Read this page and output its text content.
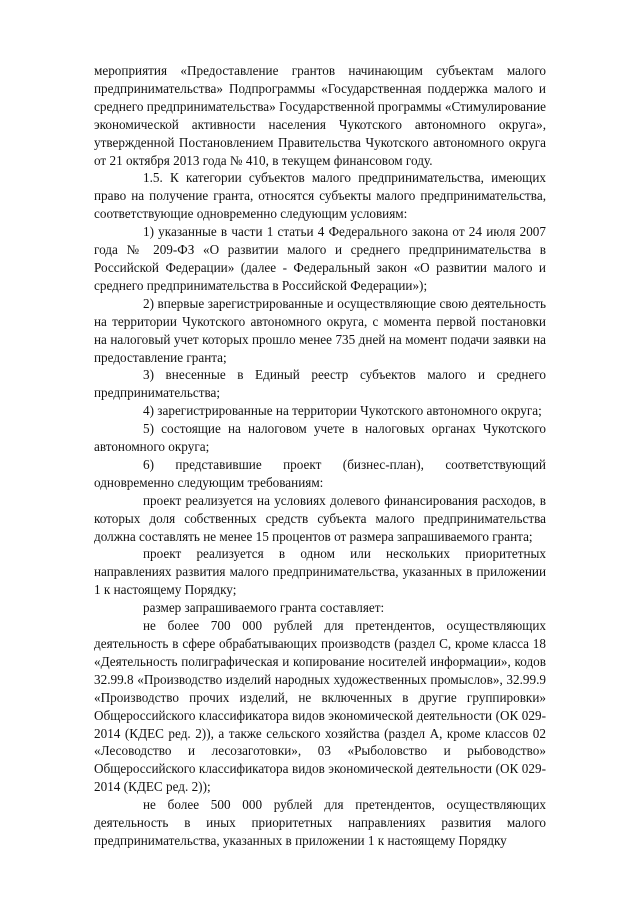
мероприятия «Предоставление грантов начинающим субъектам малого предпринимательства» Подпрограммы «Государственная поддержка малого и среднего предпринимательства» Государственной программы «Стимулирование экономической активности населения Чукотского автономного округа», утвержденной Постановлением Правительства Чукотского автономного округа от 21 октября 2013 года № 410, в текущем финансовом году.

1.5. К категории субъектов малого предпринимательства, имеющих право на получение гранта, относятся субъекты малого предпринимательства, соответствующие одновременно следующим условиям:

1) указанные в части 1 статьи 4 Федерального закона от 24 июля 2007 года № 209-ФЗ «О развитии малого и среднего предпринимательства в Российской Федерации» (далее - Федеральный закон «О развитии малого и среднего предпринимательства в Российской Федерации»);

2) впервые зарегистрированные и осуществляющие свою деятельность на территории Чукотского автономного округа, с момента первой постановки на налоговый учет которых прошло менее 735 дней на момент подачи заявки на предоставление гранта;

3) внесенные в Единый реестр субъектов малого и среднего предпринимательства;

4) зарегистрированные на территории Чукотского автономного округа;

5) состоящие на налоговом учете в налоговых органах Чукотского автономного округа;

6) представившие проект (бизнес-план), соответствующий одновременно следующим требованиям:

проект реализуется на условиях долевого финансирования расходов, в которых доля собственных средств субъекта малого предпринимательства должна составлять не менее 15 процентов от размера запрашиваемого гранта;

проект реализуется в одном или нескольких приоритетных направлениях развития малого предпринимательства, указанных в приложении 1 к настоящему Порядку;

размер запрашиваемого гранта составляет:

не более 700 000 рублей для претендентов, осуществляющих деятельность в сфере обрабатывающих производств (раздел C, кроме класса 18 «Деятельность полиграфическая и копирование носителей информации», кодов 32.99.8 «Производство изделий народных художественных промыслов», 32.99.9 «Производство прочих изделий, не включенных в другие группировки» Общероссийского классификатора видов экономической деятельности (ОК 029-2014 (КДЕС ред. 2)), а также сельского хозяйства (раздел A, кроме классов 02 «Лесоводство и лесозаготовки», 03 «Рыболовство и рыбоводство» Общероссийского классификатора видов экономической деятельности (ОК 029-2014 (КДЕС ред. 2));

не более 500 000 рублей для претендентов, осуществляющих деятельность в иных приоритетных направлениях развития малого предпринимательства, указанных в приложении 1 к настоящему Порядку
